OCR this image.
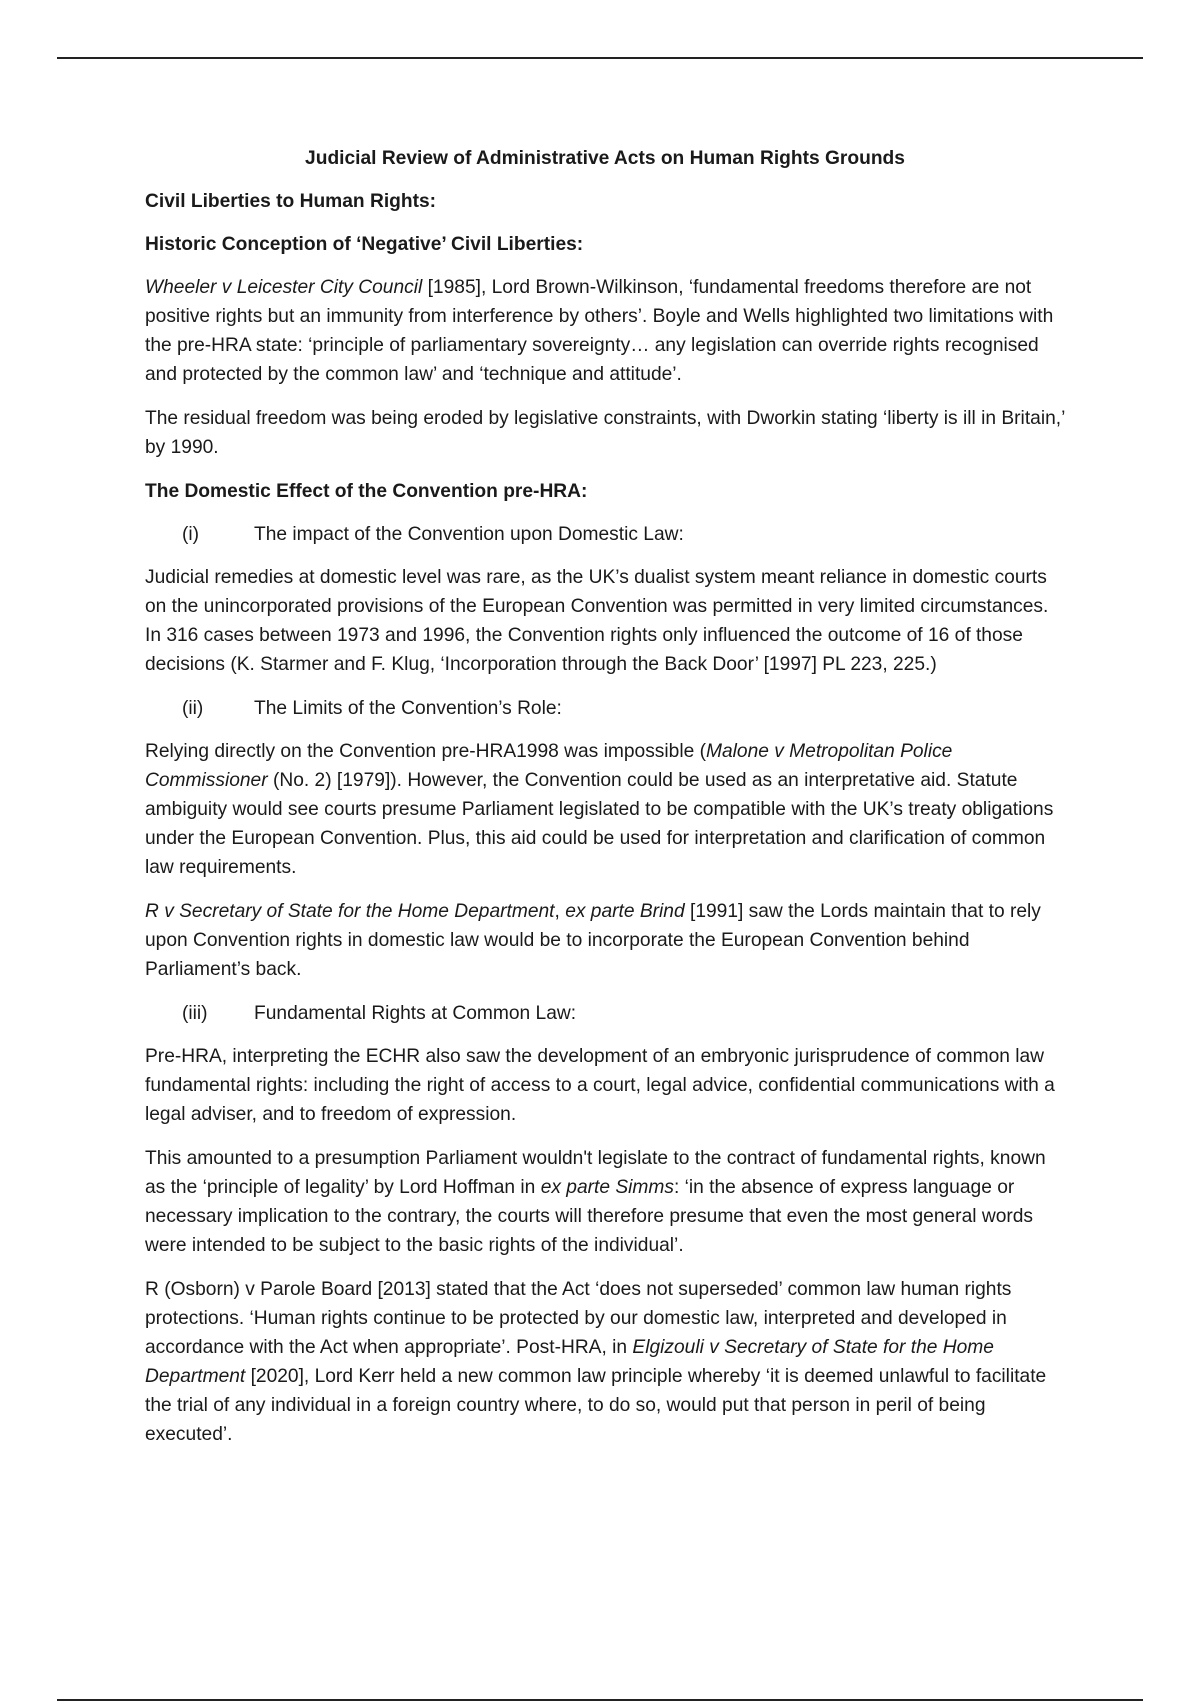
Judicial Review of Administrative Acts on Human Rights Grounds
Civil Liberties to Human Rights:
Historic Conception of ‘Negative’ Civil Liberties:

Wheeler v Leicester City Council [1985], Lord Brown-Wilkinson, ‘fundamental freedoms therefore are not positive rights but an immunity from interference by others’. Boyle and Wells highlighted two limitations with the pre-HRA state: ‘principle of parliamentary sovereignty… any legislation can override rights recognised and protected by the common law’ and ‘technique and attitude’.

The residual freedom was being eroded by legislative constraints, with Dworkin stating ‘liberty is ill in Britain,’ by 1990.

The Domestic Effect of the Convention pre-HRA:
(i)	The impact of the Convention upon Domestic Law:

Judicial remedies at domestic level was rare, as the UK’s dualist system meant reliance in domestic courts on the unincorporated provisions of the European Convention was permitted in very limited circumstances. In 316 cases between 1973 and 1996, the Convention rights only influenced the outcome of 16 of those decisions (K. Starmer and F. Klug, ‘Incorporation through the Back Door’ [1997] PL 223, 225.)

(ii)	The Limits of the Convention’s Role:

Relying directly on the Convention pre-HRA1998 was impossible (Malone v Metropolitan Police Commissioner (No. 2) [1979]). However, the Convention could be used as an interpretative aid. Statute ambiguity would see courts presume Parliament legislated to be compatible with the UK’s treaty obligations under the European Convention. Plus, this aid could be used for interpretation and clarification of common law requirements.

R v Secretary of State for the Home Department, ex parte Brind [1991] saw the Lords maintain that to rely upon Convention rights in domestic law would be to incorporate the European Convention behind Parliament’s back.

(iii)	Fundamental Rights at Common Law:

Pre-HRA, interpreting the ECHR also saw the development of an embryonic jurisprudence of common law fundamental rights: including the right of access to a court, legal advice, confidential communications with a legal adviser, and to freedom of expression.

This amounted to a presumption Parliament wouldn't legislate to the contract of fundamental rights, known as the ‘principle of legality’ by Lord Hoffman in ex parte Simms: ‘in the absence of express language or necessary implication to the contrary, the courts will therefore presume that even the most general words were intended to be subject to the basic rights of the individual’.

R (Osborn) v Parole Board [2013] stated that the Act ‘does not superseded’ common law human rights protections. ‘Human rights continue to be protected by our domestic law, interpreted and developed in accordance with the Act when appropriate’. Post-HRA, in Elgizouli v Secretary of State for the Home Department [2020], Lord Kerr held a new common law principle whereby ‘it is deemed unlawful to facilitate the trial of any individual in a foreign country where, to do so, would put that person in peril of being executed’.
